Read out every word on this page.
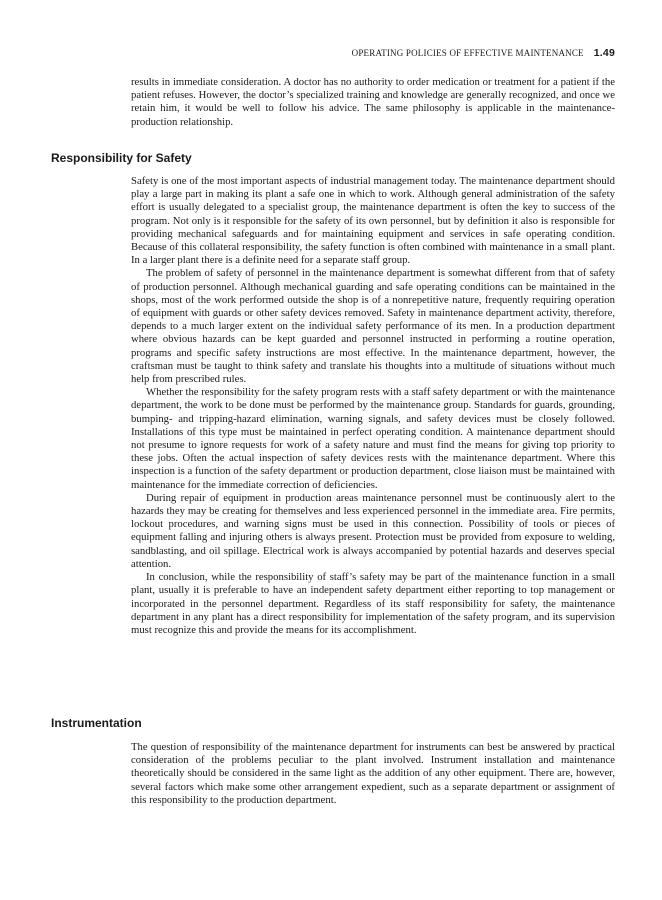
OPERATING POLICIES OF EFFECTIVE MAINTENANCE 1.49

results in immediate consideration. A doctor has no authority to order medication or treatment for a patient if the patient refuses. However, the doctor’s specialized training and knowledge are generally recognized, and once we retain him, it would be well to follow his advice. The same philosophy is applicable in the maintenance-production relationship.

Responsibility for Safety

Safety is one of the most important aspects of industrial management today. The maintenance department should play a large part in making its plant a safe one in which to work. Although general administration of the safety effort is usually delegated to a specialist group, the maintenance department is often the key to success of the program. Not only is it responsible for the safety of its own personnel, but by definition it also is responsible for providing mechanical safeguards and for maintaining equipment and services in safe operating condition. Because of this collateral responsibility, the safety function is often combined with maintenance in a small plant. In a larger plant there is a definite need for a separate staff group.

The problem of safety of personnel in the maintenance department is somewhat different from that of safety of production personnel. Although mechanical guarding and safe operating conditions can be maintained in the shops, most of the work performed outside the shop is of a nonrepetitive nature, frequently requiring operation of equipment with guards or other safety devices removed. Safety in maintenance department activity, therefore, depends to a much larger extent on the individual safety performance of its men. In a production department where obvious hazards can be kept guarded and personnel instructed in performing a routine operation, programs and specific safety instructions are most effective. In the maintenance department, however, the craftsman must be taught to think safety and translate his thoughts into a multitude of situations without much help from prescribed rules.

Whether the responsibility for the safety program rests with a staff safety department or with the maintenance department, the work to be done must be performed by the maintenance group. Standards for guards, grounding, bumping- and tripping-hazard elimination, warning signals, and safety devices must be closely followed. Installations of this type must be maintained in perfect operating condition. A maintenance department should not presume to ignore requests for work of a safety nature and must find the means for giving top priority to these jobs. Often the actual inspection of safety devices rests with the maintenance department. Where this inspection is a function of the safety department or production department, close liaison must be maintained with maintenance for the immediate correction of deficiencies.

During repair of equipment in production areas maintenance personnel must be continuously alert to the hazards they may be creating for themselves and less experienced personnel in the immediate area. Fire permits, lockout procedures, and warning signs must be used in this connection. Possibility of tools or pieces of equipment falling and injuring others is always present. Protection must be provided from exposure to welding, sandblasting, and oil spillage. Electrical work is always accompanied by potential hazards and deserves special attention.

In conclusion, while the responsibility of staff’s safety may be part of the maintenance function in a small plant, usually it is preferable to have an independent safety department either reporting to top management or incorporated in the personnel department. Regardless of its staff responsibility for safety, the maintenance department in any plant has a direct responsibility for implementation of the safety program, and its supervision must recognize this and provide the means for its accomplishment.

Instrumentation

The question of responsibility of the maintenance department for instruments can best be answered by practical consideration of the problems peculiar to the plant involved. Instrument installation and maintenance theoretically should be considered in the same light as the addition of any other equipment. There are, however, several factors which make some other arrangement expedient, such as a separate department or assignment of this responsibility to the production department.
